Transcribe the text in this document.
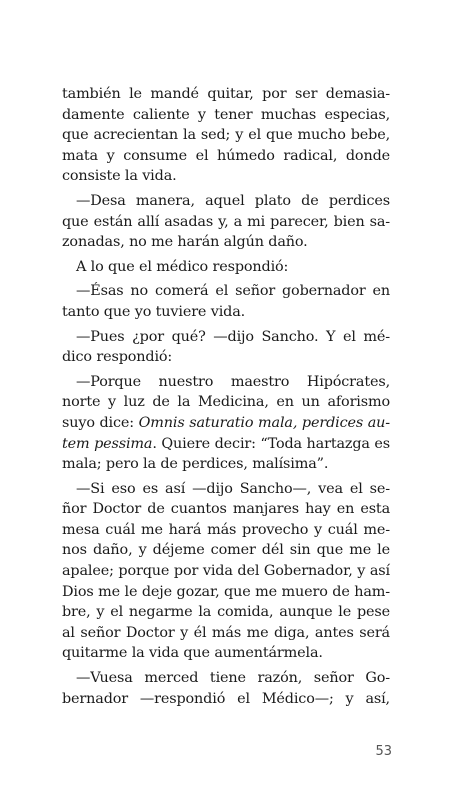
también le mandé quitar, por ser demasia-
damente caliente y tener muchas especias,
que acrecientan la sed; y el que mucho bebe,
mata y consume el húmedo radical, donde
consiste la vida.
—Desa manera, aquel plato de perdices
que están allí asadas y, a mi parecer, bien sa-
zonadas, no me harán algún daño.
A lo que el médico respondió:
—Ésas no comerá el señor gobernador en
tanto que yo tuviere vida.
—Pues ¿por qué? —dijo Sancho. Y el mé-
dico respondió:
—Porque nuestro maestro Hipócrates,
norte y luz de la Medicina, en un aforismo
suyo dice: Omnis saturatio mala, perdices au-
tem pessima. Quiere decir: “Toda hartazga es
mala; pero la de perdices, malísima”.
—Si eso es así —dijo Sancho—, vea el se-
ñor Doctor de cuantos manjares hay en esta
mesa cuál me hará más provecho y cuál me-
nos daño, y déjeme comer dél sin que me le
apalee; porque por vida del Gobernador, y así
Dios me le deje gozar, que me muero de ham-
bre, y el negarme la comida, aunque le pese
al señor Doctor y él más me diga, antes será
quitarme la vida que aumentármela.
—Vuesa merced tiene razón, señor Go-
bernador —respondió el Médico—; y así,
53
